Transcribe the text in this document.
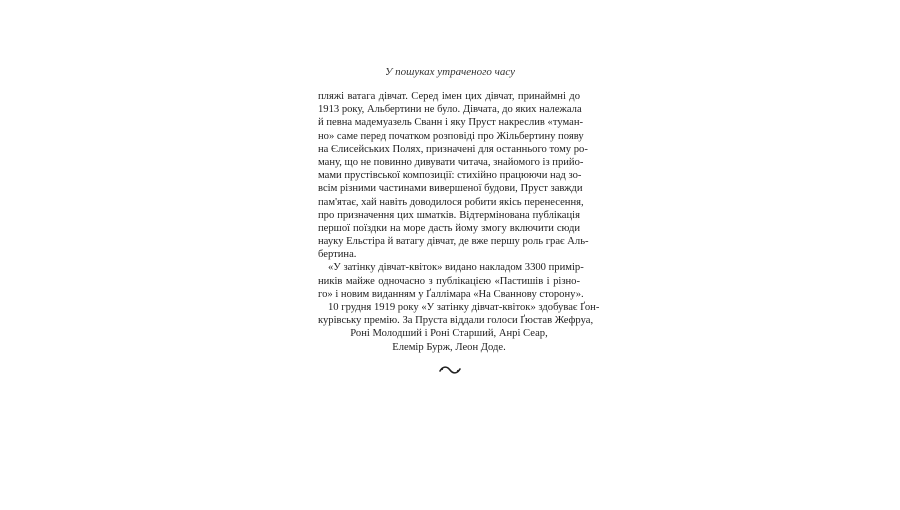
У пошуках утраченого часу
пляжі ватага дівчат. Серед імен цих дівчат, принаймні до
1913 року, Альбертини не було. Дівчата, до яких належала
й певна мадемуазель Сванн і яку Пруст накреслив «туман-
но» саме перед початком розповіді про Жільбертину появу
на Єлисейських Полях, призначені для останнього тому ро-
ману, що не повинно дивувати читача, знайомого із прийо-
мами прустівської композиції: стихійно працюючи над зо-
всім різними частинами вивершеної будови, Пруст завжди
пам'ятає, хай навіть доводилося робити якісь перенесення,
про призначення цих шматків. Відтермінована публікація
першої поїздки на море дасть йому змогу включити сюди
науку Ельстіра й ватагу дівчат, де вже першу роль грає Аль-
бертина.
«У затінку дівчат-квіток» видано накладом 3300 примір-
ників майже одночасно з публікацією «Пастишів і різно-
го» і новим виданням у Ґаллімара «На Сваннову сторону».
10 грудня 1919 року «У затінку дівчат-квіток» здобуває Ґон-
курівську премію. За Пруста віддали голоси Ґюстав Жефруа,
Роні Молодший і Роні Старший, Анрі Сеар,
Елемір Бурж, Леон Доде.
